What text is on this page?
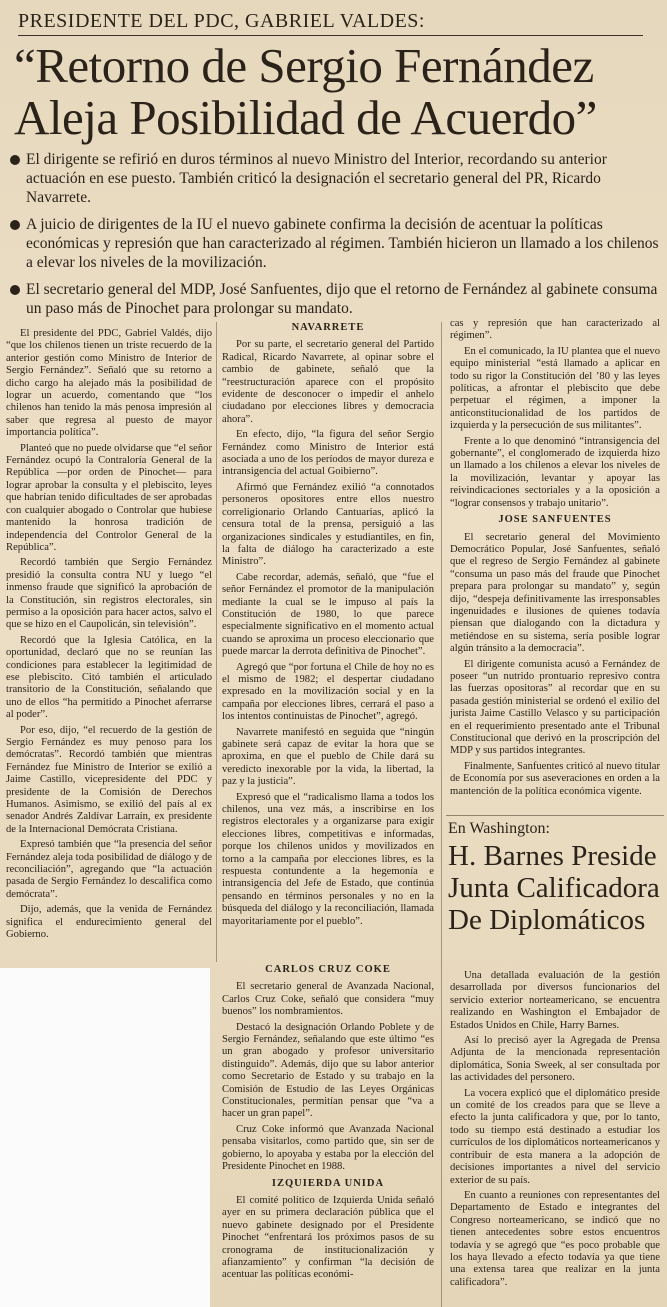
PRESIDENTE DEL PDC, GABRIEL VALDES:
“Retorno de Sergio Fernández Aleja Posibilidad de Acuerdo”

El dirigente se refirió en duros términos al nuevo Ministro del Interior, recordando su anterior actuación en ese puesto. También criticó la designación el secretario general del PR, Ricardo Navarrete.

A juicio de dirigentes de la IU el nuevo gabinete confirma la decisión de acentuar la políticas económicas y represión que han caracterizado al régimen. También hicieron un llamado a los chilenos a elevar los niveles de la movilización.

El secretario general del MDP, José Sanfuentes, dijo que el retorno de Fernández al gabinete consuma un paso más de Pinochet para prolongar su mandato.

El presidente del PDC, Gabriel Valdés, dijo “que los chilenos tienen un triste recuerdo de la anterior gestión como Ministro de Interior de Sergio Fernández”. Señaló que su retorno a dicho cargo ha alejado más la posibilidad de lograr un acuerdo, comentando que “los chilenos han tenido la más penosa impresión al saber que regresa al puesto de mayor importancia política”.

Planteó que no puede olvidarse que “el señor Fernández ocupó la Contraloría General de la República —por orden de Pinochet— para lograr aprobar la consulta y el plebiscito, leyes que habrían tenido dificultades de ser aprobadas con cualquier abogado o Controlar que hubiese mantenido la honrosa tradición de independencia del Controlor General de la República”.

Recordó también que Sergio Fernández presidió la consulta contra NU y luego “el inmenso fraude que significó la aprobación de la Constitución, sin registros electorales, sin permiso a la oposición para hacer actos, salvo el que se hizo en el Caupolicán, sin televisión”.

Recordó que la Iglesia Católica, en la oportunidad, declaró que no se reunían las condiciones para establecer la legitimidad de ese plebiscito. Citó también el articulado transitorio de la Constitución, señalando que uno de ellos “ha permitido a Pinochet aferrarse al poder”.

Por eso, dijo, “el recuerdo de la gestión de Sergio Fernández es muy penoso para los demócratas”. Recordó también que mientras Fernández fue Ministro de Interior se exilió a Jaime Castillo, vicepresidente del PDC y presidente de la Comisión de Derechos Humanos. Asimismo, se exilió del país al ex senador Andrés Zaldívar Larraín, ex presidente de la Internacional Demócrata Cristiana.

Expresó también que “la presencia del señor Fernández aleja toda posibilidad de diálogo y de reconciliación”, agregando que “la actuación pasada de Sergio Fernández lo descalifica como demócrata”.

Dijo, además, que la venida de Fernández significa el endurecimiento general del Gobierno.

NAVARRETE

Por su parte, el secretario general del Partido Radical, Ricardo Navarrete, al opinar sobre el cambio de gabinete, señaló que la “reestructuración aparece con el propósito evidente de desconocer o impedir el anhelo ciudadano por elecciones libres y democracia ahora”.

En efecto, dijo, “la figura del señor Sergio Fernández como Ministro de Interior está asociada a uno de los períodos de mayor dureza e intransigencia del actual Goibierno”.

Afirmó que Fernández exilió “a connotados personeros opositores entre ellos nuestro correligionario Orlando Cantuarias, aplicó la censura total de la prensa, persiguió a las organizaciones sindicales y estudiantiles, en fin, la falta de diálogo ha caracterizado a este Ministro”.

Cabe recordar, además, señaló, que “fue el señor Fernández el promotor de la manipulación mediante la cual se le impuso al país la Constitución de 1980, lo que parece especialmente significativo en el momento actual cuando se aproxima un proceso eleccionario que puede marcar la derrota definitiva de Pinochet”.

Agregó que “por fortuna el Chile de hoy no es el mismo de 1982; el despertar ciudadano expresado en la movilización social y en la campaña por elecciones libres, cerrará el paso a los intentos continuistas de Pinochet”, agregó.

Navarrete manifestó en seguida que “ningún gabinete será capaz de evitar la hora que se aproxima, en que el pueblo de Chile dará su veredicto inexorable por la vida, la libertad, la paz y la justicia”.

Expresó que el “radicalismo llama a todos los chilenos, una vez más, a inscribirse en los registros electorales y a organizarse para exigir elecciones libres, competitivas e informadas, porque los chilenos unidos y movilizados en torno a la campaña por elecciones libres, es la respuesta contundente a la hegemonía e intransigencia del Jefe de Estado, que continúa pensando en términos personales y no en la búsqueda del diálogo y la reconciliación, llamada mayoritariamente por el pueblo”.

cas y represión que han caracterizado al régimen”.

En el comunicado, la IU plantea que el nuevo equipo ministerial “está llamado a aplicar en todo su rigor la Constitución del ’80 y las leyes políticas, a afrontar el plebiscito que debe perpetuar el régimen, a imponer la anticonstitucionalidad de los partidos de izquierda y la persecución de sus militantes”.

Frente a lo que denominó “intransigencia del gobernante”, el conglomerado de izquierda hizo un llamado a los chilenos a elevar los niveles de la movilización, levantar y apoyar las reivindicaciones sectoriales y a la oposición a “lograr consensos y trabajo unitario”.

JOSE SANFUENTES

El secretario general del Movimiento Democrático Popular, José Sanfuentes, señaló que el regreso de Sergio Fernández al gabinete “consuma un paso más del fraude que Pinochet prepara para prolongar su mandato” y, según dijo, “despeja definitivamente las irresponsables ingenuidades e ilusiones de quienes todavía piensan que dialogando con la dictadura y metiéndose en su sistema, sería posible lograr algún tránsito a la democracia”.

El dirigente comunista acusó a Fernández de poseer “un nutrido prontuario represivo contra las fuerzas opositoras” al recordar que en su pasada gestión ministerial se ordenó el exilio del jurista Jaime Castillo Velasco y su participación en el requerimiento presentado ante el Tribunal Constitucional que derivó en la proscripción del MDP y sus partidos integrantes.

Finalmente, Sanfuentes criticó al nuevo titular de Economía por sus aseveraciones en orden a la mantención de la política económica vigente.

En Washington:

H. Barnes Preside Junta Calificadora De Diplomáticos

CARLOS CRUZ COKE

El secretario general de Avanzada Nacional, Carlos Cruz Coke, señaló que considera “muy buenos” los nombramientos.

Destacó la designación Orlando Poblete y de Sergio Fernández, señalando que este último “es un gran abogado y profesor universitario distinguido”. Además, dijo que su labor anterior como Secretario de Estado y su trabajo en la Comisión de Estudio de las Leyes Orgánicas Constitucionales, permitían pensar que “va a hacer un gran papel”.

Cruz Coke informó que Avanzada Nacional pensaba visitarlos, como partido que, sin ser de gobierno, lo apoyaba y estaba por la elección del Presidente Pinochet en 1988.

IZQUIERDA UNIDA

El comité político de Izquierda Unida señaló ayer en su primera declaración pública que el nuevo gabinete designado por el Presidente Pinochet “enfrentará los próximos pasos de su cronograma de institucionalización y afianzamiento” y confirman “la decisión de acentuar las políticas económi-

Una detallada evaluación de la gestión desarrollada por diversos funcionarios del servicio exterior norteamericano, se encuentra realizando en Washington el Embajador de Estados Unidos en Chile, Harry Barnes.

Así lo precisó ayer la Agregada de Prensa Adjunta de la mencionada representación diplomática, Sonia Sweek, al ser consultada por las actividades del personero.

La vocera explicó que el diplomático preside un comité de los creados para que se lleve a efecto la junta calificadora y que, por lo tanto, todo su tiempo está destinado a estudiar los currículos de los diplomáticos norteamericanos y contribuir de esta manera a la adopción de decisiones importantes a nivel del servicio exterior de su país.

En cuanto a reuniones con representantes del Departamento de Estado e integrantes del Congreso norteamericano, se indicó que no tienen antecedentes sobre estos encuentros todavía y se agregó que “es poco probable que los haya llevado a efecto todavía ya que tiene una extensa tarea que realizar en la junta calificadora”.
